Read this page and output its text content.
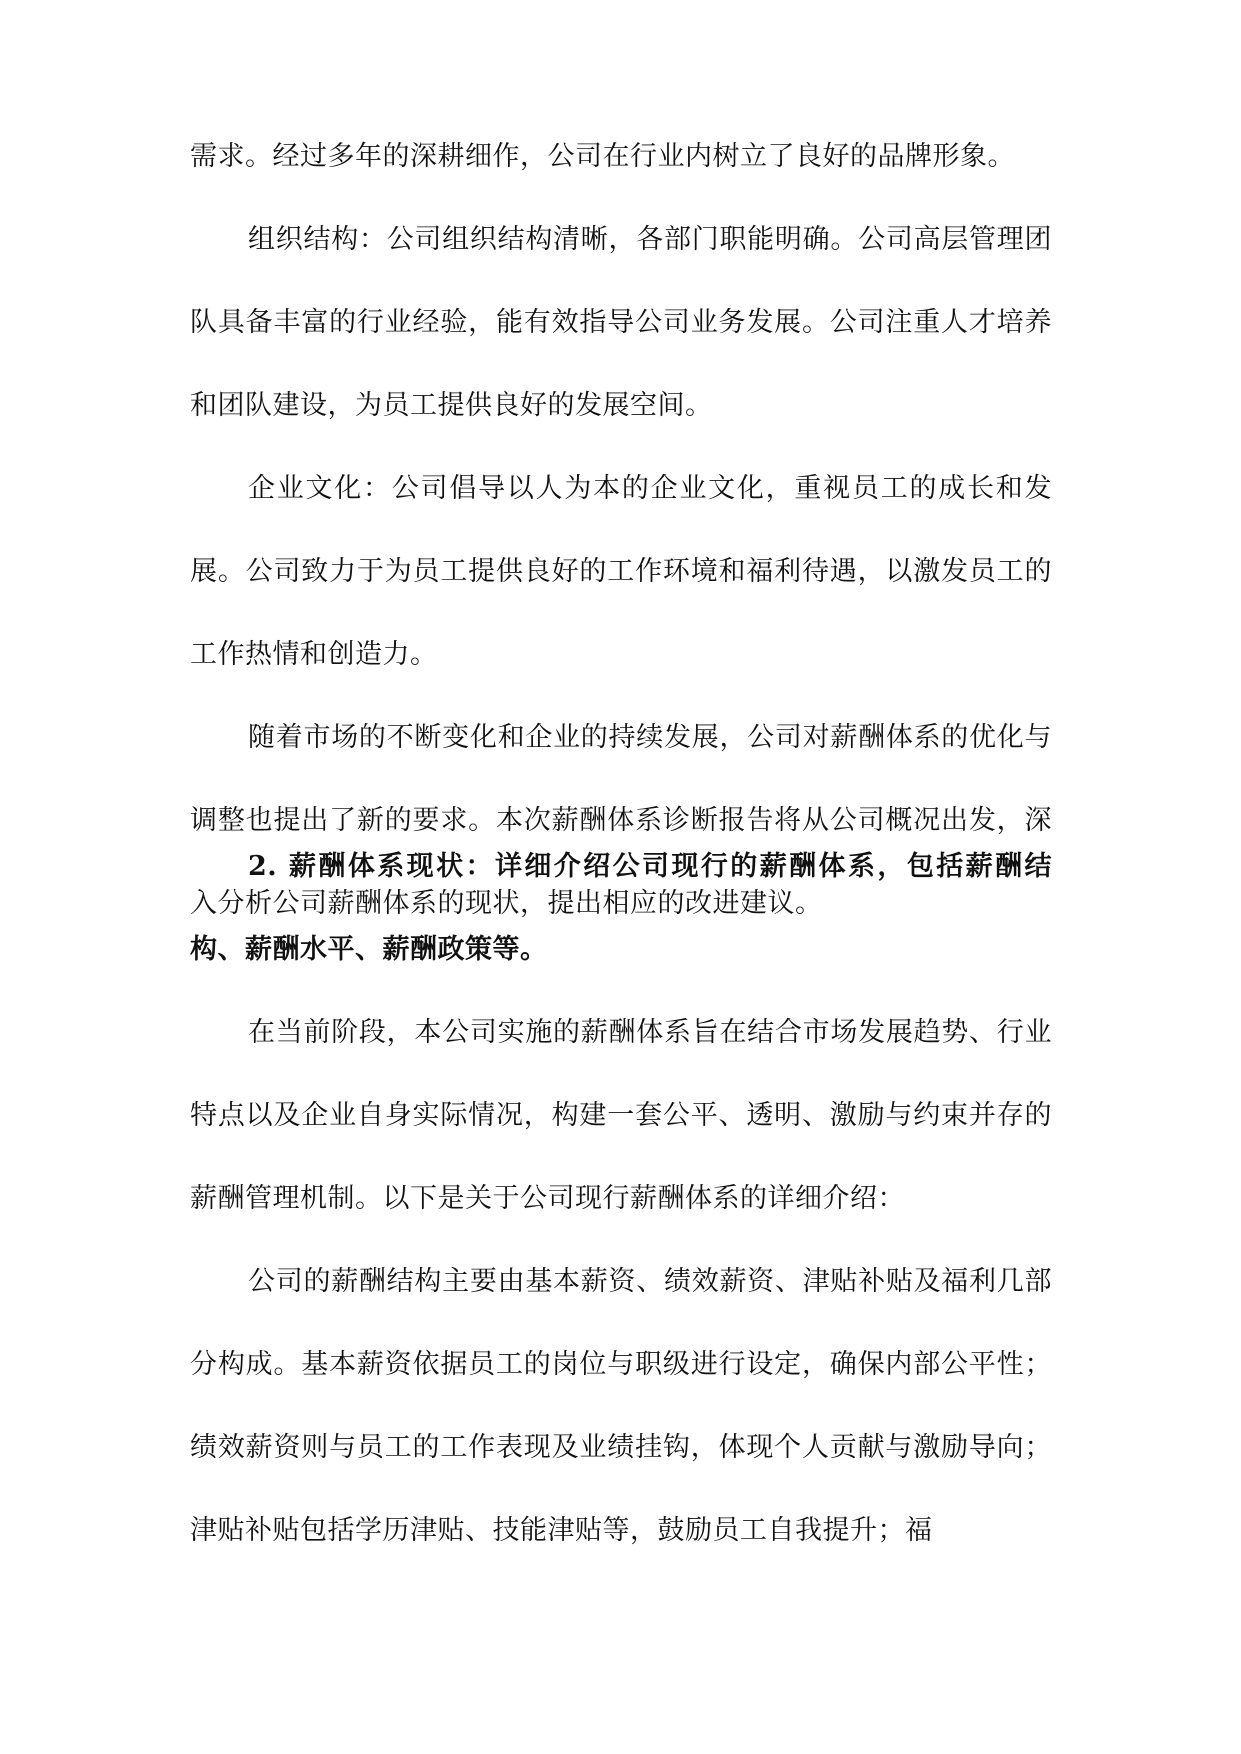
需求。经过多年的深耕细作，公司在行业内树立了良好的品牌形象。

组织结构：公司组织结构清晰，各部门职能明确。公司高层管理团队具备丰富的行业经验，能有效指导公司业务发展。公司注重人才培养和团队建设，为员工提供良好的发展空间。

企业文化：公司倡导以人为本的企业文化，重视员工的成长和发展。公司致力于为员工提供良好的工作环境和福利待遇，以激发员工的工作热情和创造力。

随着市场的不断变化和企业的持续发展，公司对薪酬体系的优化与调整也提出了新的要求。本次薪酬体系诊断报告将从公司概况出发，深入分析公司薪酬体系的现状，提出相应的改进建议。

2. 薪酬体系现状：详细介绍公司现行的薪酬体系，包括薪酬结构、薪酬水平、薪酬政策等。

在当前阶段，本公司实施的薪酬体系旨在结合市场发展趋势、行业特点以及企业自身实际情况，构建一套公平、透明、激励与约束并存的薪酬管理机制。以下是关于公司现行薪酬体系的详细介绍：

公司的薪酬结构主要由基本薪资、绩效薪资、津贴补贴及福利几部分构成。基本薪资依据员工的岗位与职级进行设定，确保内部公平性；绩效薪资则与员工的工作表现及业绩挂钩，体现个人贡献与激励导向；津贴补贴包括学历津贴、技能津贴等，鼓励员工自我提升；福
